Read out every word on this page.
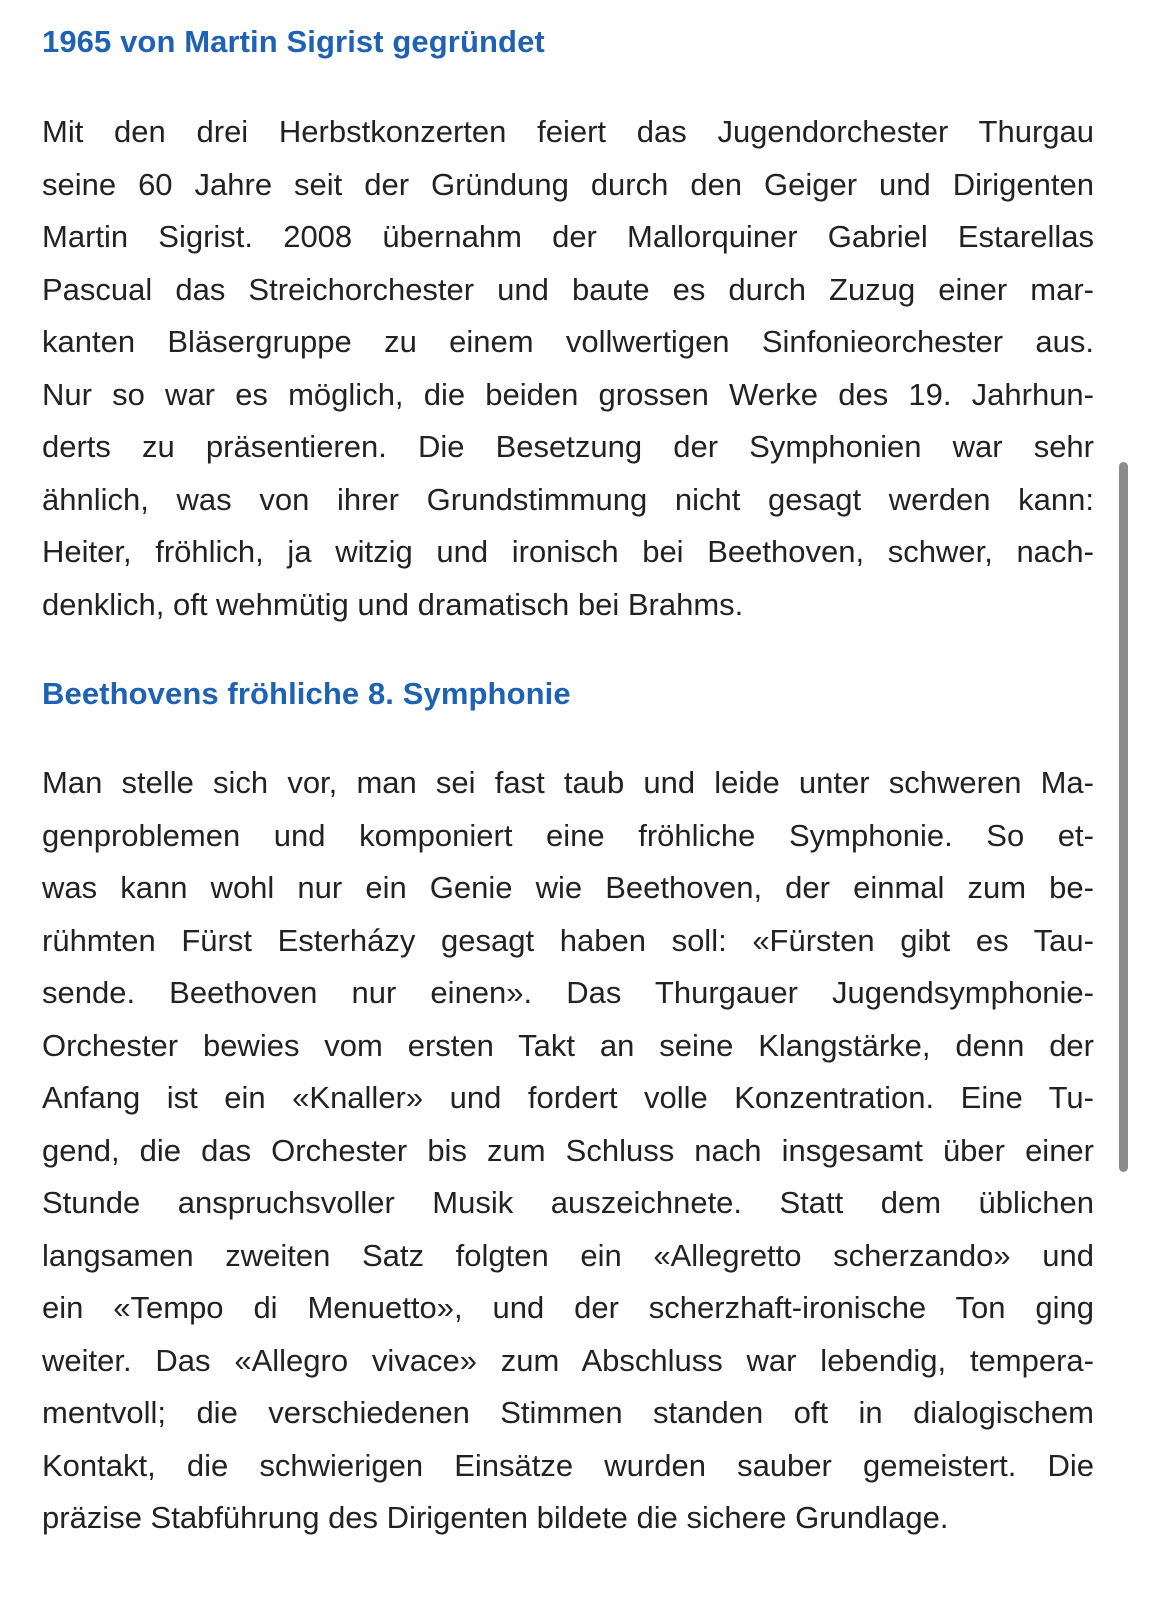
1965 von Martin Sigrist gegründet

Mit den drei Herbstkonzerten feiert das Jugendorchester Thurgau
seine 60 Jahre seit der Gründung durch den Geiger und Dirigenten
Martin Sigrist. 2008 übernahm der Mallorquiner Gabriel Estarellas
Pascual das Streichorchester und baute es durch Zuzug einer mar-
kanten Bläsergruppe zu einem vollwertigen Sinfonieorchester aus.
Nur so war es möglich, die beiden grossen Werke des 19. Jahrhun-
derts zu präsentieren. Die Besetzung der Symphonien war sehr
ähnlich, was von ihrer Grundstimmung nicht gesagt werden kann:
Heiter, fröhlich, ja witzig und ironisch bei Beethoven, schwer, nach-
denklich, oft wehmütig und dramatisch bei Brahms.

Beethovens fröhliche 8. Symphonie

Man stelle sich vor, man sei fast taub und leide unter schweren Ma-
genproblemen und komponiert eine fröhliche Symphonie. So et-
was kann wohl nur ein Genie wie Beethoven, der einmal zum be-
rühmten Fürst Esterházy gesagt haben soll: «Fürsten gibt es Tau-
sende. Beethoven nur einen». Das Thurgauer Jugendsymphonie-
Orchester bewies vom ersten Takt an seine Klangstärke, denn der
Anfang ist ein «Knaller» und fordert volle Konzentration. Eine Tu-
gend, die das Orchester bis zum Schluss nach insgesamt über einer
Stunde anspruchsvoller Musik auszeichnete. Statt dem üblichen
langsamen zweiten Satz folgten ein «Allegretto scherzando» und
ein «Tempo di Menuetto», und der scherzhaft-ironische Ton ging
weiter. Das «Allegro vivace» zum Abschluss war lebendig, tempera-
mentvoll; die verschiedenen Stimmen standen oft in dialogischem
Kontakt, die schwierigen Einsätze wurden sauber gemeistert. Die
präzise Stabführung des Dirigenten bildete die sichere Grundlage.
